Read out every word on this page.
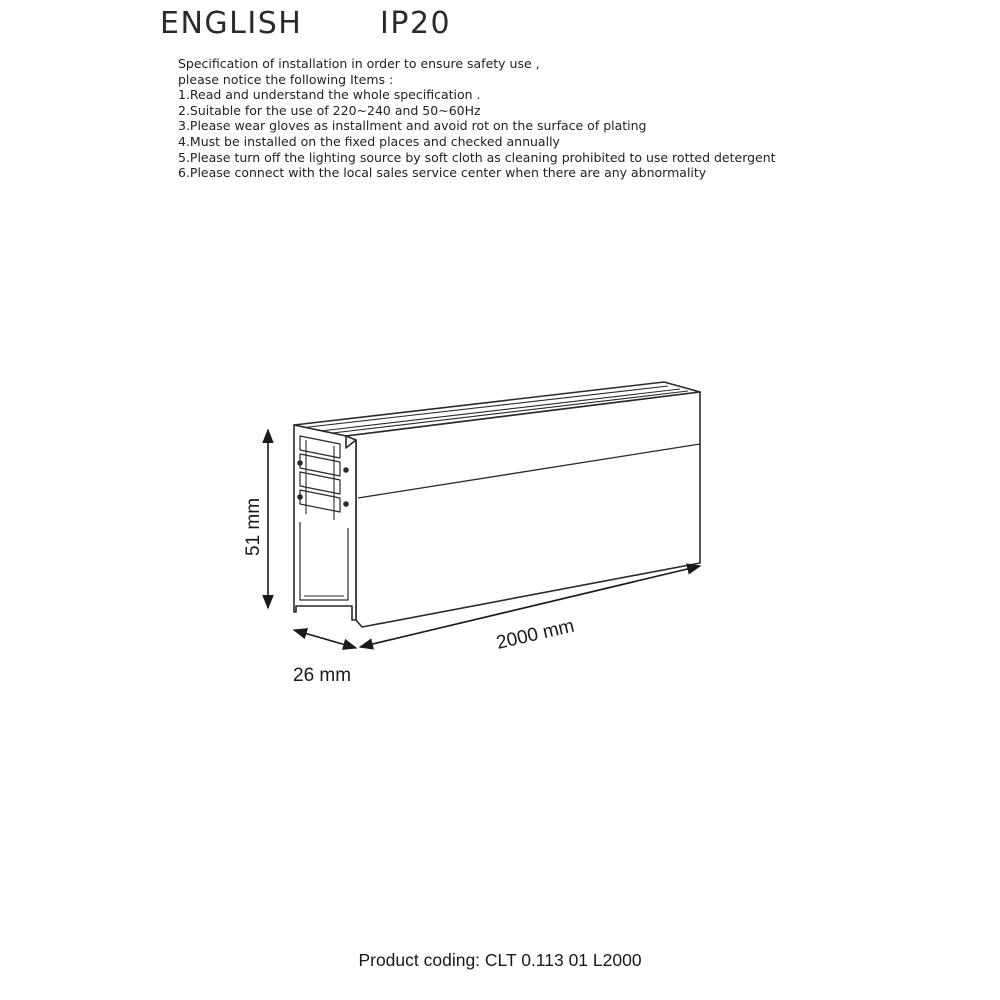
ENGLISH	IP20
Specification of installation in order to ensure safety use ,
please notice the following Items :
1.Read and understand the whole specification .
2.Suitable for the use of 220~240 and 50~60Hz
3.Please wear gloves as installment and avoid rot on the surface of plating
4.Must be installed on the fixed places and checked annually
5.Please turn off the lighting source by soft cloth as cleaning prohibited to use rotted detergent
6.Please connect with the local sales service center when there are any abnormality
51 mm
26 mm
2000 mm
Product coding: CLT 0.113 01 L2000
